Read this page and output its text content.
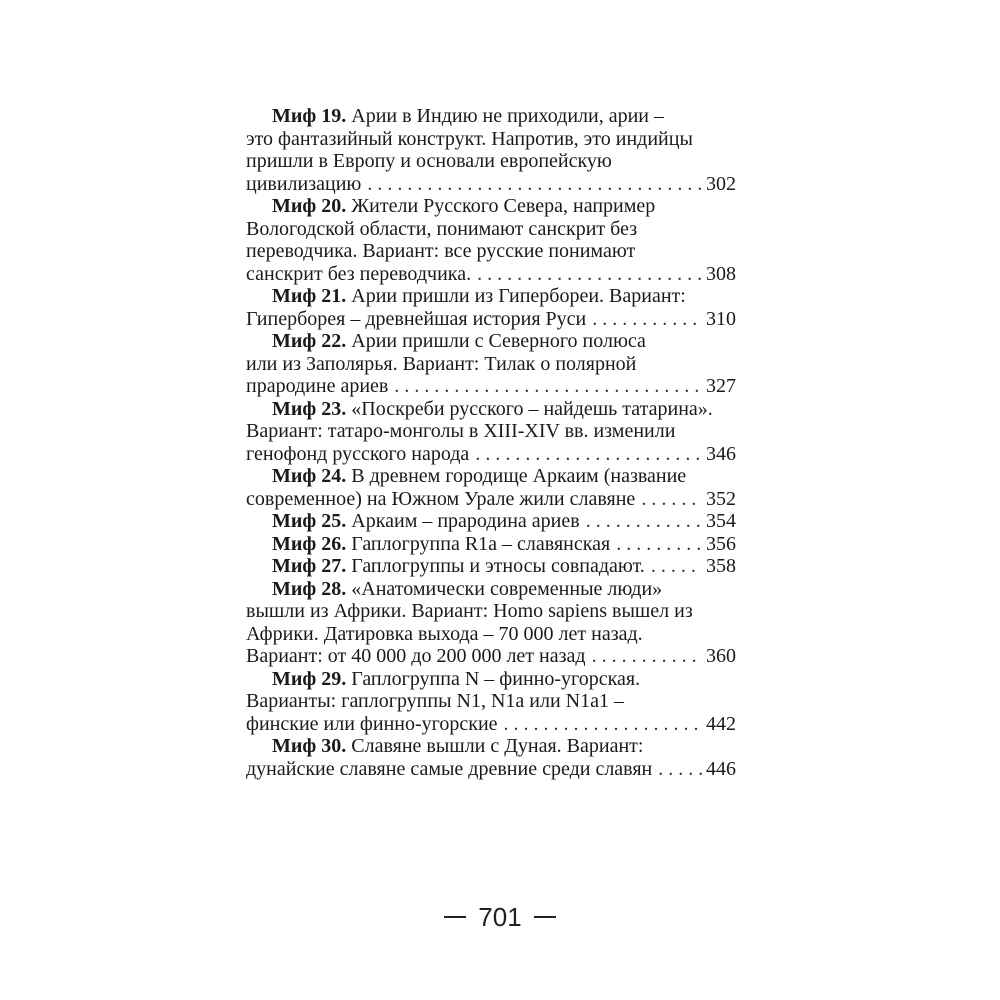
Миф 19.
Арии в Индию не приходили, арии –
это фантазийный конструкт. Напротив, это индийцы
пришли в Европу и основали европейскую
цивилизацию . . .	302
Миф 20.
Жители Русского Севера, например
Вологодской области, понимают санскрит без
переводчика. Вариант: все русские понимают
санскрит без переводчика. . . .	308
Миф 21.
Арии пришли из Гипербореи. Вариант:
Гиперборея – древнейшая история Руси . . .	310
Миф 22.
Арии пришли с Северного полюса
или из Заполярья. Вариант: Тилак о полярной
прародине ариев . . .	327
Миф 23.
«Поскреби русского – найдешь татарина».
Вариант: татаро-монголы в XIII-XIV вв. изменили
генофонд русского народа . . .	346
Миф 24.
В древнем городище Аркаим (название
современное) на Южном Урале жили славяне . . .	352
Миф 25.
Аркаим – прародина ариев . . .	354
Миф 26.
Гаплогруппа R1a – славянская . . .	356
Миф 27.
Гаплогруппы и этносы совпадают. . . .	358
Миф 28.
«Анатомически современные люди»
вышли из Африки. Вариант: Homo sapiens вышел из
Африки. Датировка выхода – 70 000 лет назад.
Вариант: от 40 000 до 200 000 лет назад . . .	360
Миф 29.
Гаплогруппа N – финно-угорская.
Варианты: гаплогруппы N1, N1a или N1a1 –
финские или финно-угорские . . .	442
Миф 30.
Славяне вышли с Дуная. Вариант:
дунайские славяне самые древние среди славян . . .	446
701
